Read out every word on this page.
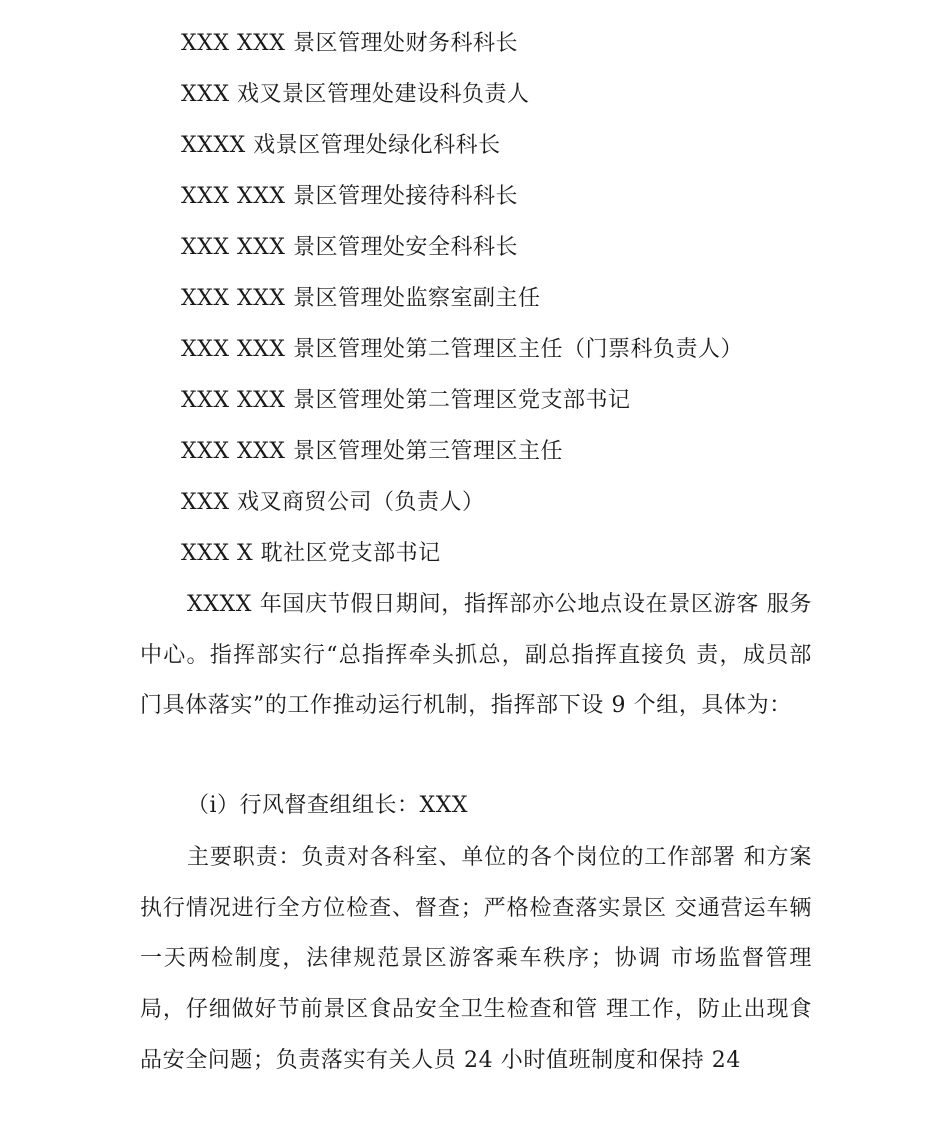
XXX XXX 景区管理处财务科科长
XXX 戏叉景区管理处建设科负责人
XXXX 戏景区管理处绿化科科长
XXX XXX 景区管理处接待科科长
XXX XXX 景区管理处安全科科长
XXX XXX 景区管理处监察室副主任
XXX XXX 景区管理处第二管理区主任（门票科负责人）
XXX XXX 景区管理处第二管理区党支部书记
XXX XXX 景区管理处第三管理区主任
XXX 戏叉商贸公司（负责人）
XXX X 耽社区党支部书记

XXXX 年国庆节假日期间，指挥部亦公地点设在景区游客 服务中心。指挥部实行“总指挥牵头抓总，副总指挥直接负 责，成员部门具体落实”的工作推动运行机制，指挥部下设 9 个组，具体为：

（i）行风督查组组长：XXX

主要职责：负责对各科室、单位的各个岗位的工作部署 和方案执行情况进行全方位检查、督查；严格检查落实景区 交通营运车辆一天两检制度，法律规范景区游客乘车秩序；协调 市场监督管理局，仔细做好节前景区食品安全卫生检查和管 理工作，防止出现食品安全问题；负责落实有关人员 24 小时值班制度和保持 24
